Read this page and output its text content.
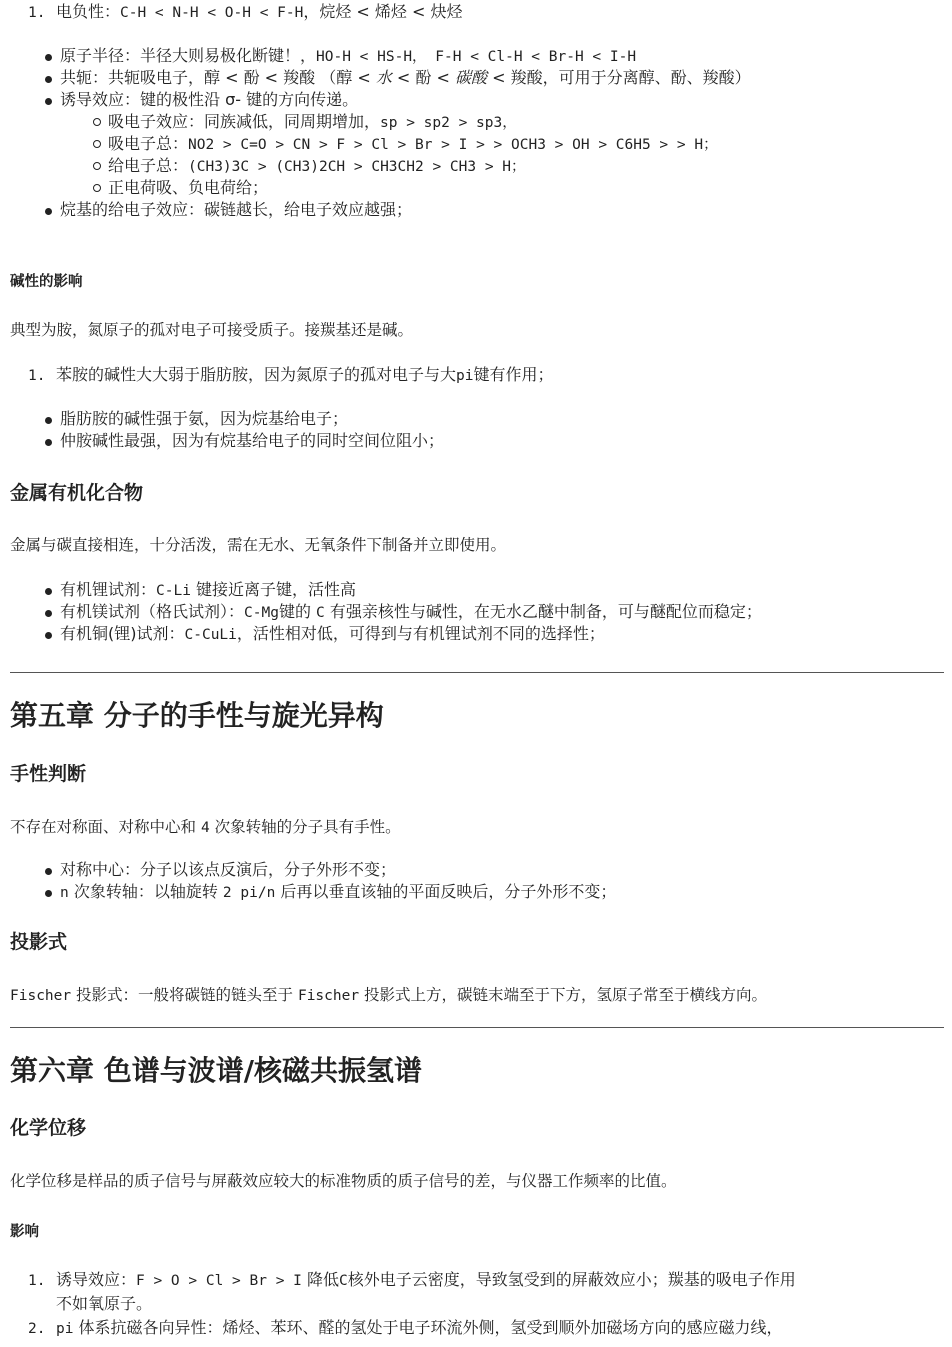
1. 电负性：C-H < N-H < O-H < F-H，烷烃 < 烯烃 < 炔烃
原子半径：半径大则易极化断键！，HO-H < HS-H， F-H < Cl-H < Br-H < I-H
共轭：共轭吸电子，醇 < 酚 < 羧酸 （醇 < 水 < 酚 < 碳酸 < 羧酸，可用于分离醇、酚、羧酸）
诱导效应：键的极性沿 σ- 键的方向传递。
吸电子效应：同族减低，同周期增加，sp > sp2 > sp3，
吸电子总：NO2 > C=O > CN > F > Cl > Br > I > > OCH3 > OH > C6H5 > > H；
给电子总：(CH3)3C > (CH3)2CH > CH3CH2 > CH3 > H；
正电荷吸、负电荷给；
烷基的给电子效应：碳链越长，给电子效应越强；
碱性的影响
典型为胺，氮原子的孤对电子可接受质子。接羰基还是碱。
1. 苯胺的碱性大大弱于脂肪胺，因为氮原子的孤对电子与大pi键有作用；
脂肪胺的碱性强于氨，因为烷基给电子；
仲胺碱性最强，因为有烷基给电子的同时空间位阻小；
金属有机化合物
金属与碳直接相连，十分活泼，需在无水、无氧条件下制备并立即使用。
有机锂试剂：C-Li 键接近离子键，活性高
有机镁试剂（格氏试剂）：C-Mg键的 C 有强亲核性与碱性，在无水乙醚中制备，可与醚配位而稳定；
有机铜(锂)试剂：C-CuLi，活性相对低，可得到与有机锂试剂不同的选择性；
第五章 分子的手性与旋光异构
手性判断
不存在对称面、对称中心和 4 次象转轴的分子具有手性。
对称中心：分子以该点反演后，分子外形不变；
n 次象转轴：以轴旋转 2 pi/n 后再以垂直该轴的平面反映后，分子外形不变；
投影式
Fischer 投影式：一般将碳链的链头至于 Fischer 投影式上方，碳链末端至于下方，氢原子常至于横线方向。
第六章 色谱与波谱/核磁共振氢谱
化学位移
化学位移是样品的质子信号与屏蔽效应较大的标准物质的质子信号的差，与仪器工作频率的比值。
影响
1. 诱导效应：F > O > Cl > Br > I 降低C核外电子云密度，导致氢受到的屏蔽效应小；羰基的吸电子作用
不如氧原子。
2. pi 体系抗磁各向异性：烯烃、苯环、醛的氢处于电子环流外侧，氢受到顺外加磁场方向的感应磁力线，
